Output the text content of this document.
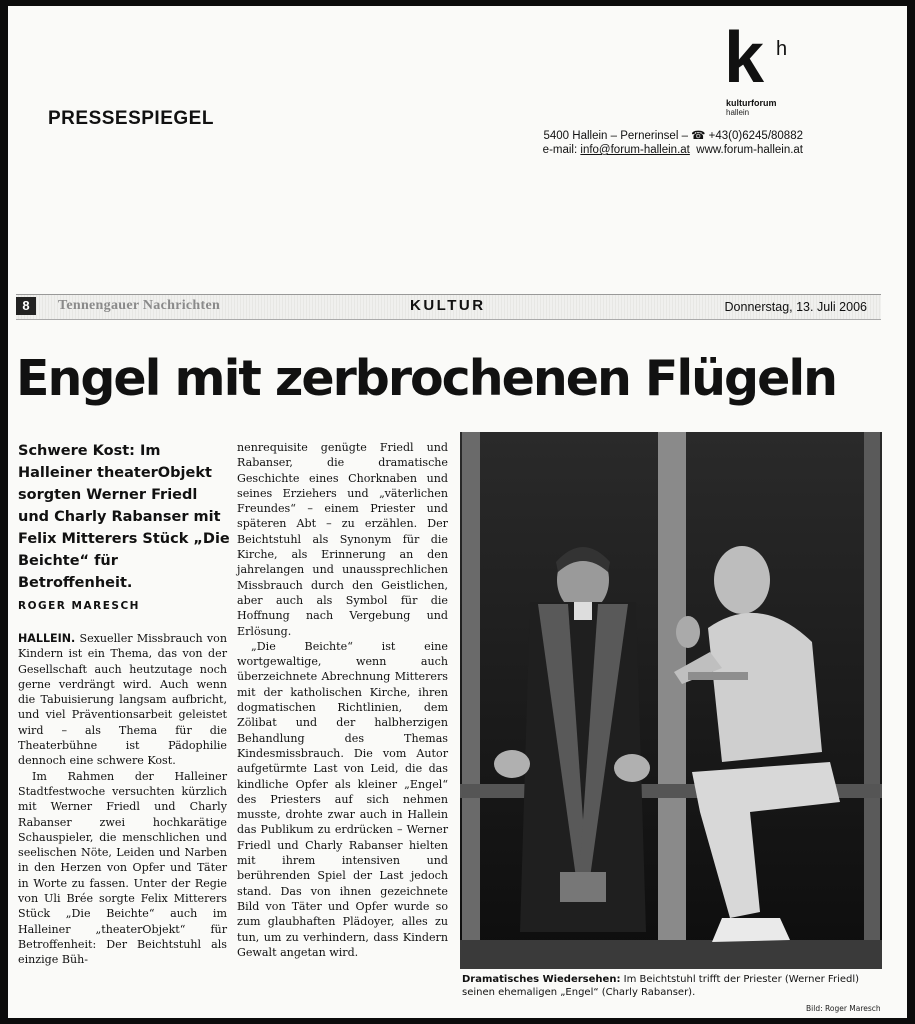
PRESSESPIEGEL
k h
kulturforum
hallein
5400 Hallein – Pernerinsel – ☎ +43(0)6245/80882
e-mail: info@forum-hallein.at www.forum-hallein.at
8	Tennengauer Nachrichten	KULTUR	Donnerstag, 13. Juli 2006
Engel mit zerbrochenen Flügeln
Schwere Kost: Im Halleiner theaterObjekt sorgten Werner Friedl und Charly Rabanser mit Felix Mitterers Stück „Die Beichte“ für Betroffenheit.
ROGER MARESCH

HALLEIN. Sexueller Missbrauch von Kindern ist ein Thema, das von der Gesellschaft auch heutzutage noch gerne verdrängt wird. Auch wenn die Tabuisierung langsam aufbricht, und viel Präventionsarbeit geleistet wird – als Thema für die Theaterbühne ist Pädophilie dennoch eine schwere Kost.

Im Rahmen der Halleiner Stadtfestwoche versuchten kürzlich mit Werner Friedl und Charly Rabanser zwei hochkarätige Schauspieler, die menschlichen und seelischen Nöte, Leiden und Narben in den Herzen von Opfer und Täter in Worte zu fassen. Unter der Regie von Uli Brée sorgte Felix Mitterers Stück „Die Beichte“ auch im Halleiner „theaterObjekt“ für Betroffenheit: Der Beichtstuhl als einzige Büh-

nenrequisite genügte Friedl und Rabanser, die dramatische Geschichte eines Chorknaben und seines Erziehers und „väterlichen Freundes“ – einem Priester und späteren Abt – zu erzählen. Der Beichtstuhl als Synonym für die Kirche, als Erinnerung an den jahrelangen und unaussprechlichen Missbrauch durch den Geistlichen, aber auch als Symbol für die Hoffnung nach Vergebung und Erlösung.

„Die Beichte“ ist eine wortgewaltige, wenn auch überzeichnete Abrechnung Mitterers mit der katholischen Kirche, ihren dogmatischen Richtlinien, dem Zölibat und der halbherzigen Behandlung des Themas Kindesmissbrauch. Die vom Autor aufgetürmte Last von Leid, die das kindliche Opfer als kleiner „Engel“ des Priesters auf sich nehmen musste, drohte zwar auch in Hallein das Publikum zu erdrücken – Werner Friedl und Charly Rabanser hielten mit ihrem intensiven und berührenden Spiel der Last jedoch stand. Das von ihnen gezeichnete Bild von Täter und Opfer wurde so zum glaubhaften Plädoyer, alles zu tun, um zu verhindern, dass Kindern Gewalt angetan wird.

Dramatisches Wiedersehen: Im Beichtstuhl trifft der Priester (Werner Friedl) seinen ehemaligen „Engel“ (Charly Rabanser).
Bild: Roger Maresch
